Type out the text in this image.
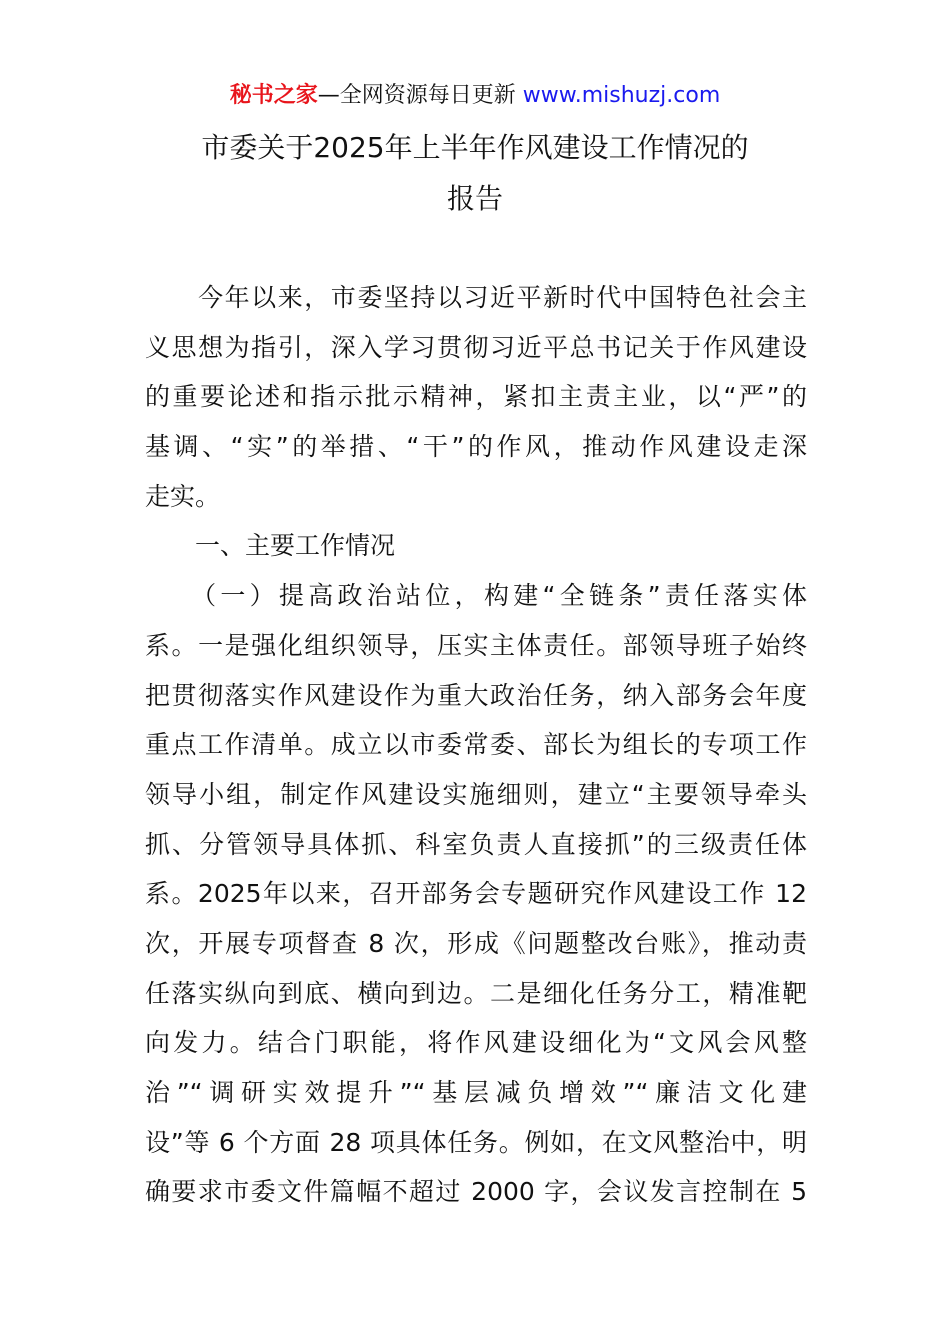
秘书之家—全网资源每日更新 www.mishuzj.com
市委关于2025年上半年作风建设工作情况的
报告
　　今年以来，市委坚持以习近平新时代中国特色社会主
义思想为指引，深入学习贯彻习近平总书记关于作风建设
的重要论述和指示批示精神，紧扣主责主业，以“严”的
基调、“实”的举措、“干”的作风，推动作风建设走深
走实。
　　一、主要工作情况
　　（一）提高政治站位，构建“全链条”责任落实体
系。一是强化组织领导，压实主体责任。部领导班子始终
把贯彻落实作风建设作为重大政治任务，纳入部务会年度
重点工作清单。成立以市委常委、部长为组长的专项工作
领导小组，制定作风建设实施细则，建立“主要领导牵头
抓、分管领导具体抓、科室负责人直接抓”的三级责任体
系。2025年以来，召开部务会专题研究作风建设工作 12
次，开展专项督查 8 次，形成《问题整改台账》，推动责
任落实纵向到底、横向到边。二是细化任务分工，精准靶
向发力。结合门职能，将作风建设细化为“文风会风整
治”“调研实效提升”“基层减负增效”“廉洁文化建
设”等 6 个方面 28 项具体任务。例如，在文风整治中，明
确要求市委文件篇幅不超过 2000 字，会议发言控制在 5
